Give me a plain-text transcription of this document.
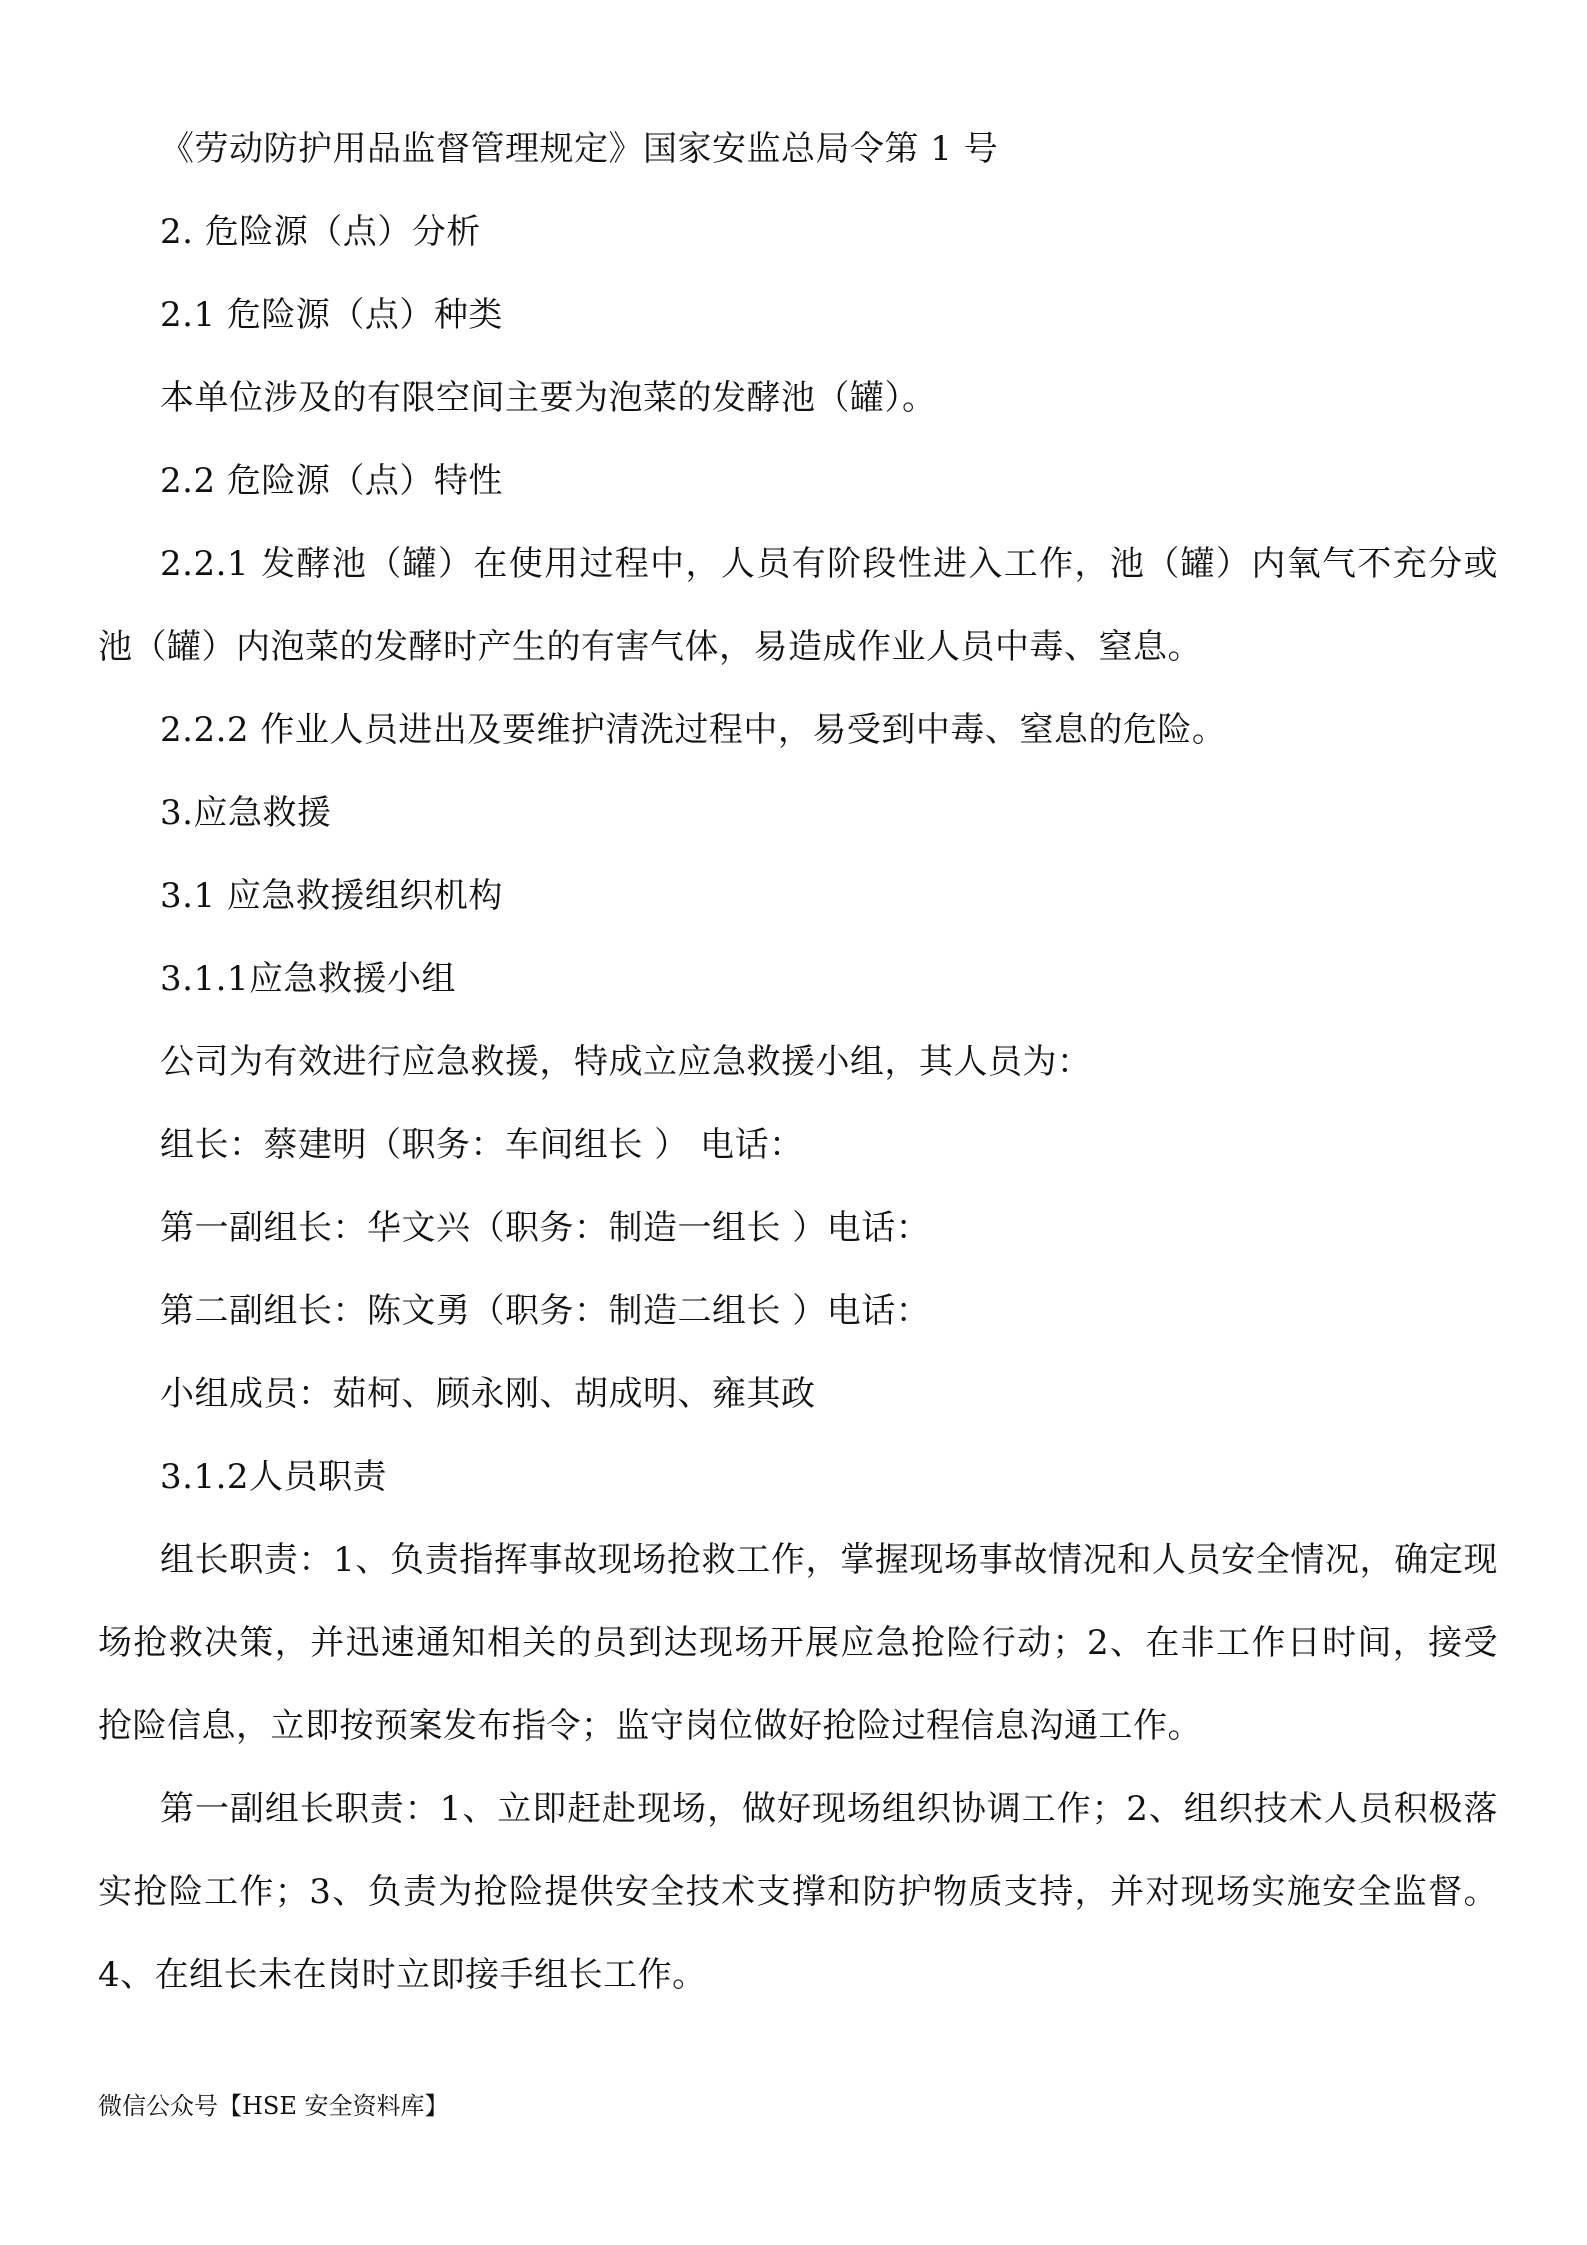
《劳动防护用品监督管理规定》国家安监总局令第 1 号

2. 危险源（点）分析

2.1 危险源（点）种类

本单位涉及的有限空间主要为泡菜的发酵池（罐）。

2.2 危险源（点）特性

2.2.1 发酵池（罐）在使用过程中，人员有阶段性进入工作，池（罐）内氧气不充分或池（罐）内泡菜的发酵时产生的有害气体，易造成作业人员中毒、窒息。

2.2.2 作业人员进出及要维护清洗过程中，易受到中毒、窒息的危险。

3.应急救援

3.1 应急救援组织机构

3.1.1应急救援小组

公司为有效进行应急救援，特成立应急救援小组，其人员为：

组长：蔡建明（职务：车间组长 ） 电话：

第一副组长：华文兴（职务：制造一组长 ）电话：

第二副组长：陈文勇（职务：制造二组长 ）电话：

小组成员：茹柯、顾永刚、胡成明、雍其政

3.1.2人员职责

组长职责：1、负责指挥事故现场抢救工作，掌握现场事故情况和人员安全情况，确定现场抢救决策，并迅速通知相关的员到达现场开展应急抢险行动；2、在非工作日时间，接受抢险信息，立即按预案发布指令；监守岗位做好抢险过程信息沟通工作。

第一副组长职责：1、立即赶赴现场，做好现场组织协调工作；2、组织技术人员积极落实抢险工作；3、负责为抢险提供安全技术支撑和防护物质支持，并对现场实施安全监督。4、在组长未在岗时立即接手组长工作。

微信公众号【HSE 安全资料库】
